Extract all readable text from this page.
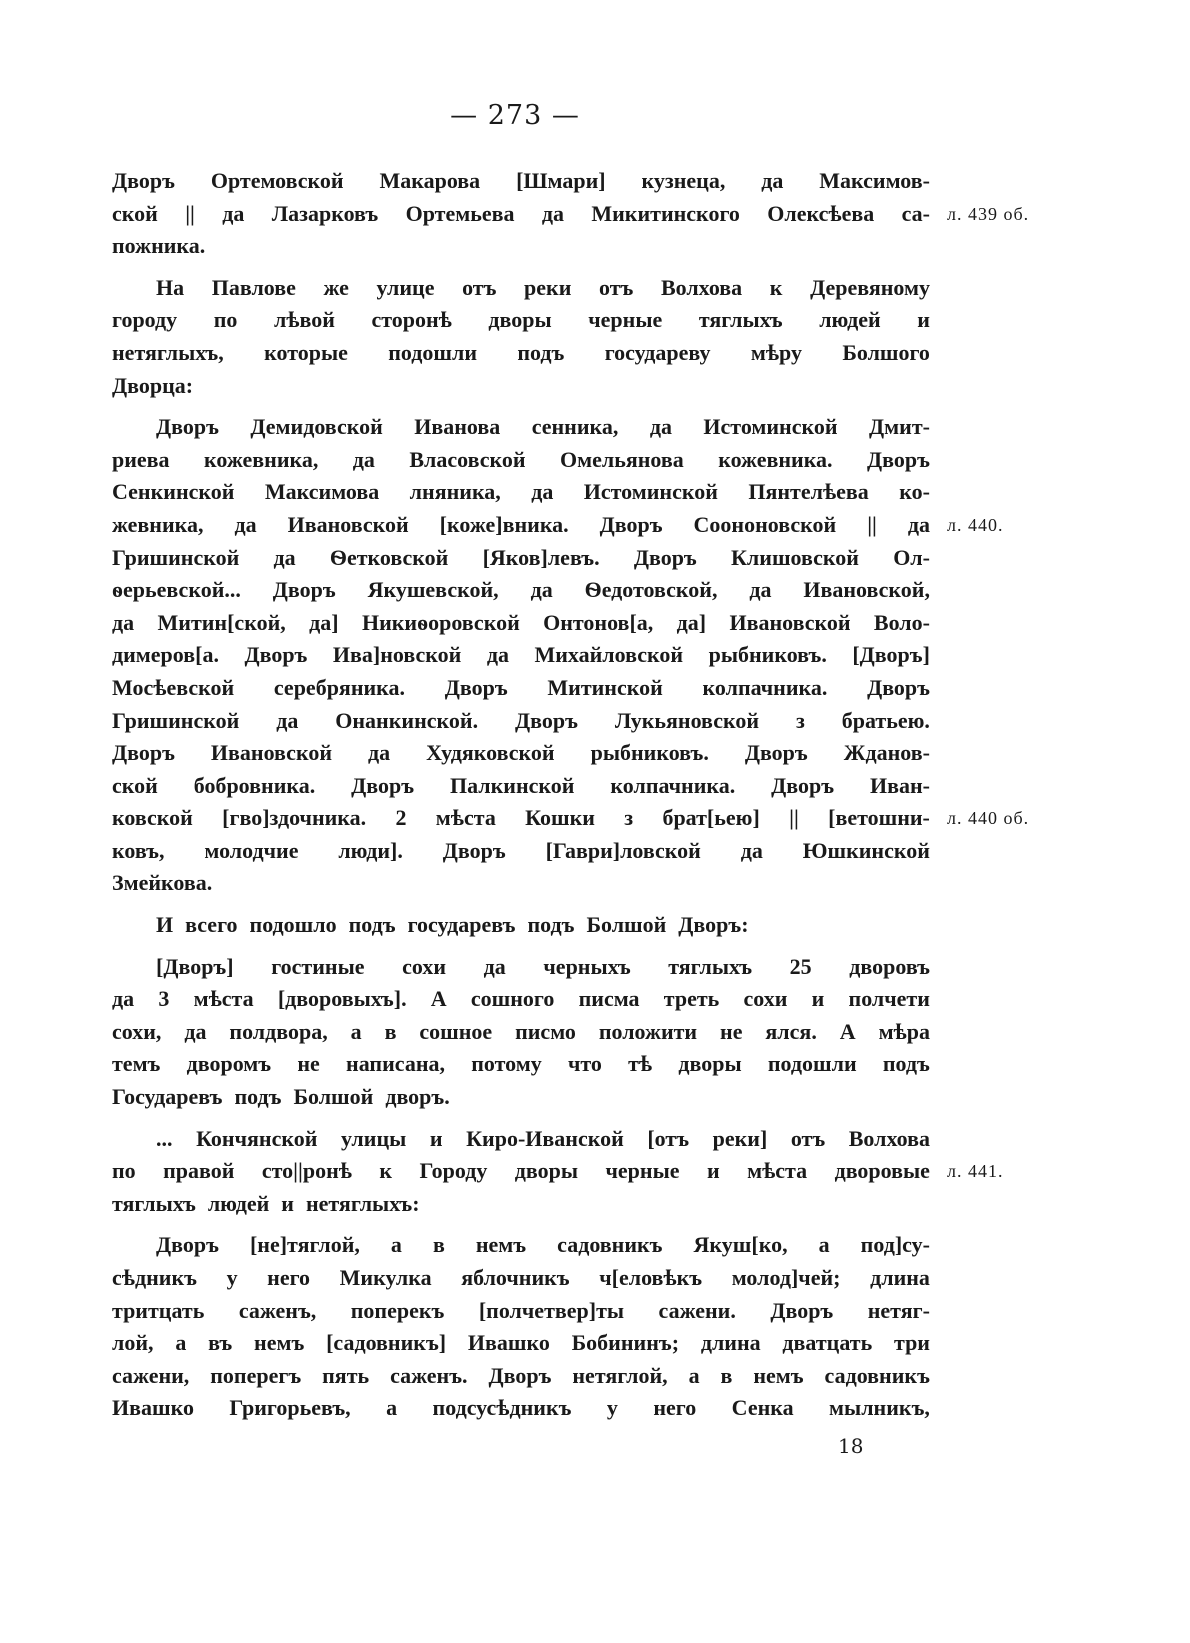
— 273 —
Дворъ Ортемовской Макарова [Шмари] кузнеца, да Максимов-
ской || да Лазарковъ Ортемьева да Микитинского Олексѣева са- л. 439 об.
пожника.
На Павлове же улице отъ реки отъ Волхова к Деревяному
городу по лѣвой сторонѣ дворы черные тяглыхъ людей и
нетяглыхъ, которые подошли подъ государеву мѣру Болшого
Дворца:
Дворъ Демидовской Иванова сенника, да Истоминской Дмит-
риева кожевника, да Власовской Омельянова кожевника. Дворъ
Сенкинской Максимова лняника, да Истоминской Пянтелѣева ко-
жевника, да Ивановской [коже]вника. Дворъ Соононовской || да л. 440.
Гришинской да Ѳетковской [Яков]левъ. Дворъ Клишовской Ол-
ѳерьевской... Дворъ Якушевской, да Ѳедотовской, да Ивановской,
да Митин[ской, да] Никиѳоровской Онтонов[а, да] Ивановской Воло-
димеров[а. Дворъ Ива]новской да Михайловской рыбниковъ. [Дворъ]
Мосѣевской серебряника. Дворъ Митинской колпачника. Дворъ
Гришинской да Онанкинской. Дворъ Лукьяновской з братьею.
Дворъ Ивановской да Худяковской рыбниковъ. Дворъ Жданов-
ской бобровника. Дворъ Палкинской колпачника. Дворъ Иван-
ковской [гво]здочника. 2 мѣста Кошки з брат[ьею] || [ветошни- л. 440 об.
ковъ, молодчие люди]. Дворъ [Гаври]ловской да Юшкинской
Змейкова.
И всего подошло подъ государевъ подъ Болшой Дворъ:
[Дворъ] гостиные сохи да черныхъ тяглыхъ 25 дворовъ
да 3 мѣста [дворовыхъ]. А сошного писма треть сохи и полчети
сохи, да полдвора, а в сошное писмо положити не ялся. А мѣра
темъ дворомъ не написана, потому что тѣ дворы подошли подъ
Государевъ подъ Болшой дворъ.
... Кончянской улицы и Киро-Иванской [отъ реки] отъ Волхова
по правой сто||ронѣ к Городу дворы черные и мѣста дворовые л. 441.
тяглыхъ людей и нетяглыхъ:
Дворъ [не]тяглой, а в немъ садовникъ Якуш[ко, а под]су-
сѣдникъ у него Микулка яблочникъ ч[еловѣкъ молод]чей; длина
тритцать саженъ, поперекъ [полчетвер]ты сажени. Дворъ нетяг-
лой, а въ немъ [садовникъ] Ивашко Бобининъ; длина дватцать три
сажени, поперегъ пять саженъ. Дворъ нетяглой, а в немъ садовникъ
Ивашко Григорьевъ, а подсусѣдникъ у него Сенка мылникъ,
18
